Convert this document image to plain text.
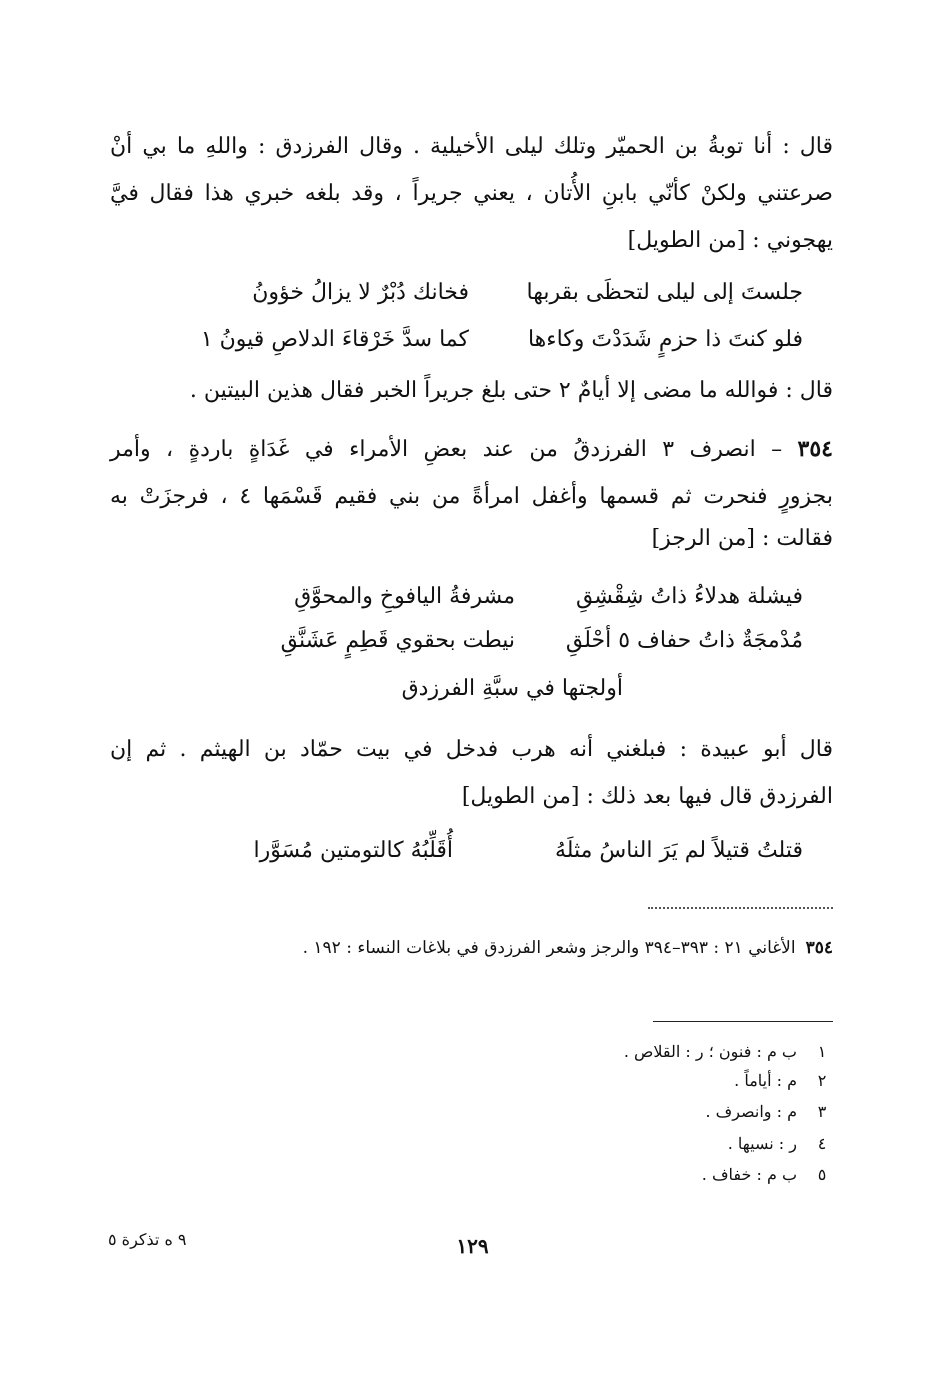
قال : أنا توبةُ بن الحميّر وتلك ليلى الأخيلية . وقال الفرزدق : واللهِ ما بي أنْ
صرعتني ولكنْ كأنّي بابنِ الأُتان ، يعني جريراً ، وقد بلغه خبري هذا فقال فيَّ
يهجوني : [من الطويل]
جلستَ إلى ليلى لتحظَى بقربها
فخانك دُبْرٌ لا يزالُ خؤونُ
فلو كنتَ ذا حزمٍ شَدَدْتَ وكاءها
كما سدَّ خَرْقاءَ الدلاصِ قيونُ ١
قال : فوالله ما مضى إلا أيامٌ ٢ حتى بلغ جريراً الخبر فقال هذين البيتين .
٣٥٤ – انصرف ٣ الفرزدقُ من عند بعضِ الأمراء في غَدَاةٍ باردةٍ ، وأمر
بجزورٍ فنحرت ثم قسمها وأغفل امرأةً من بني فقيم قَسْمَها ٤ ، فرجزَتْ به
فقالت : [من الرجز]
فيشلة هدلاءُ ذاتُ شِقْشِقِ
مشرفةُ اليافوخِ والمحوَّقِ
مُدْمجَةٌ ذاتُ حفاف ٥ أحْلَقِ
نيطت بحقوي قَطِمٍ عَشَنَّقِ
أولجتها في سبَّةِ الفرزدق
قال أبو عبيدة : فبلغني أنه هرب فدخل في بيت حمّاد بن الهيثم . ثم إن
الفرزدق قال فيها بعد ذلك : [من الطويل]
قتلتُ قتيلاً لم يَرَ الناسُ مثلَهُ
أُقَلِّبُهُ كالتومتين مُسَوَّرا
٣٥٤الأغاني ٢١ : ٣٩٣–٣٩٤ والرجز وشعر الفرزدق في بلاغات النساء : ١٩٢ .
١ب م : فنون ؛ ر : القلاص .
٢م : أياماً .
٣م : وانصرف .
٤ر : نسيها .
٥ب م : خفاف .
١٢٩
٩ ه تذكرة ٥
